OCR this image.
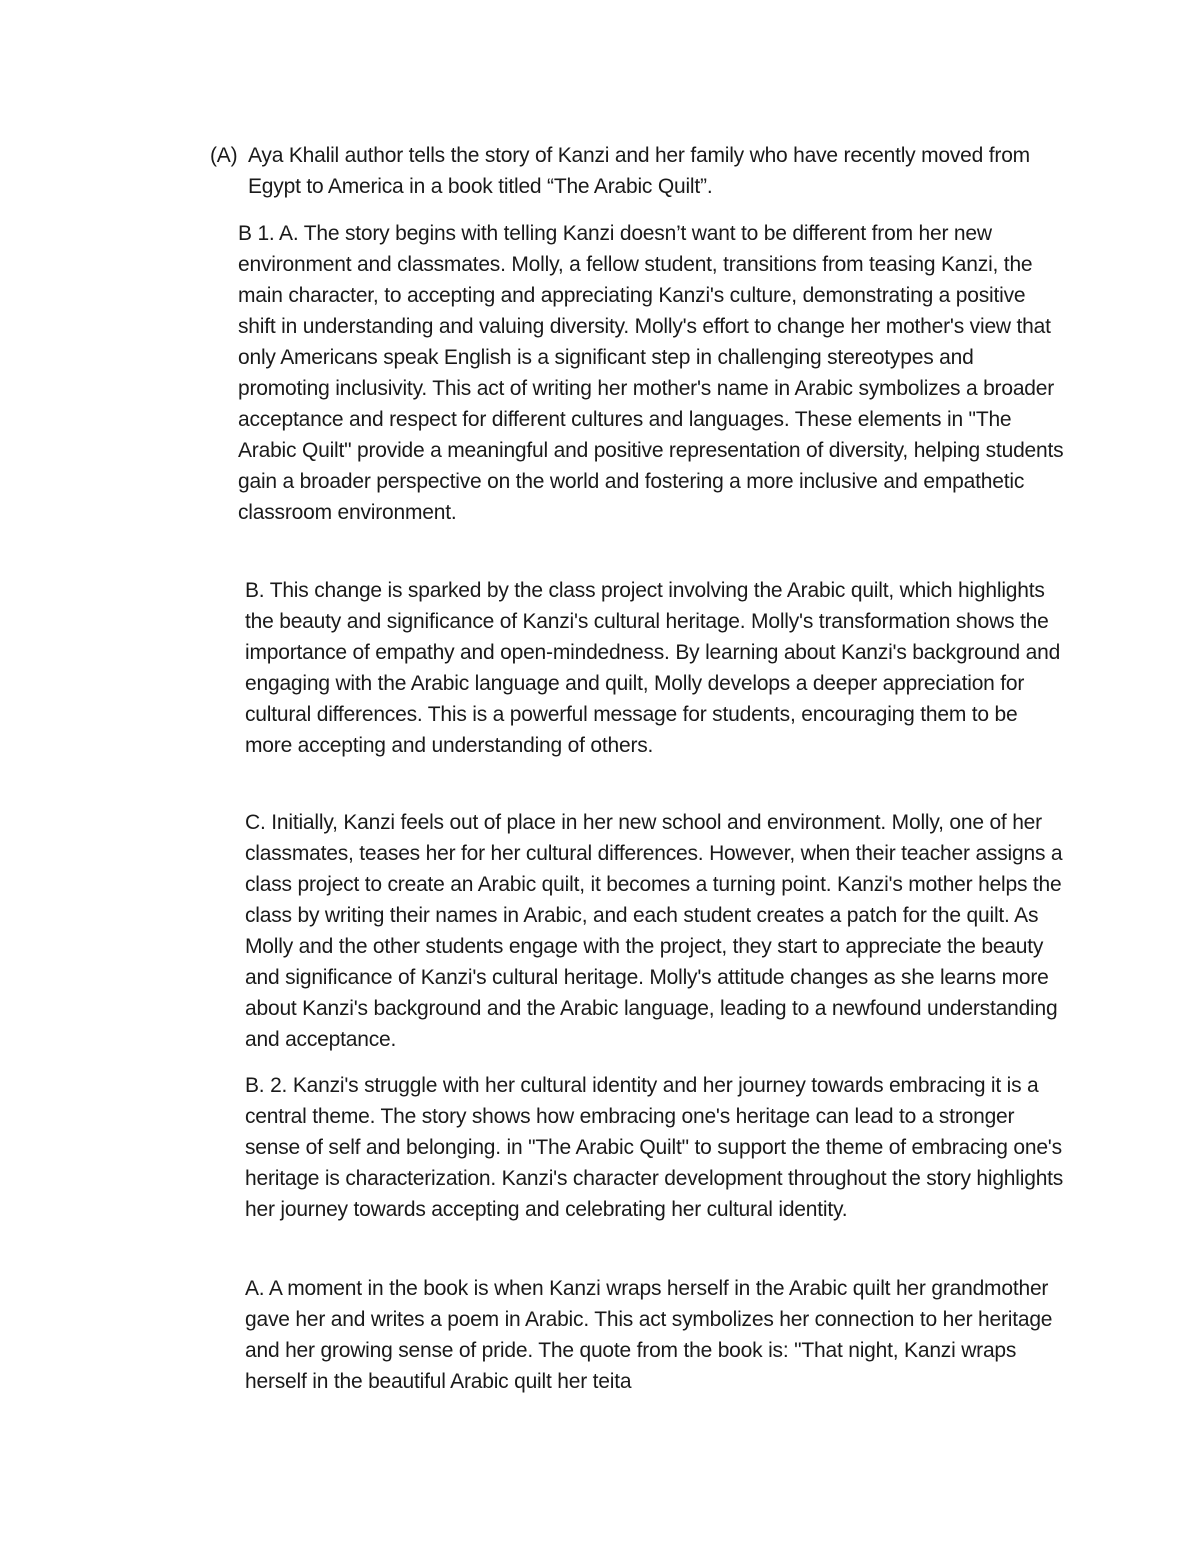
(A) Aya Khalil author tells the story of Kanzi and her family who have recently moved from Egypt to America in a book titled “The Arabic Quilt”.

B 1. A. The story begins with telling Kanzi doesn’t want to be different from her new environment and classmates. Molly, a fellow student, transitions from teasing Kanzi, the main character, to accepting and appreciating Kanzi's culture, demonstrating a positive shift in understanding and valuing diversity. Molly's effort to change her mother's view that only Americans speak English is a significant step in challenging stereotypes and promoting inclusivity. This act of writing her mother's name in Arabic symbolizes a broader acceptance and respect for different cultures and languages. These elements in "The Arabic Quilt" provide a meaningful and positive representation of diversity, helping students gain a broader perspective on the world and fostering a more inclusive and empathetic classroom environment.

B. This change is sparked by the class project involving the Arabic quilt, which highlights the beauty and significance of Kanzi's cultural heritage. Molly's transformation shows the importance of empathy and open-mindedness. By learning about Kanzi's background and engaging with the Arabic language and quilt, Molly develops a deeper appreciation for cultural differences. This is a powerful message for students, encouraging them to be more accepting and understanding of others.

C. Initially, Kanzi feels out of place in her new school and environment. Molly, one of her classmates, teases her for her cultural differences. However, when their teacher assigns a class project to create an Arabic quilt, it becomes a turning point. Kanzi's mother helps the class by writing their names in Arabic, and each student creates a patch for the quilt. As Molly and the other students engage with the project, they start to appreciate the beauty and significance of Kanzi's cultural heritage. Molly's attitude changes as she learns more about Kanzi's background and the Arabic language, leading to a newfound understanding and acceptance.

B. 2. Kanzi's struggle with her cultural identity and her journey towards embracing it is a central theme. The story shows how embracing one's heritage can lead to a stronger sense of self and belonging. in "The Arabic Quilt" to support the theme of embracing one's heritage is characterization. Kanzi's character development throughout the story highlights her journey towards accepting and celebrating her cultural identity.

A. A moment in the book is when Kanzi wraps herself in the Arabic quilt her grandmother gave her and writes a poem in Arabic. This act symbolizes her connection to her heritage and her growing sense of pride. The quote from the book is: "That night, Kanzi wraps herself in the beautiful Arabic quilt her teita
